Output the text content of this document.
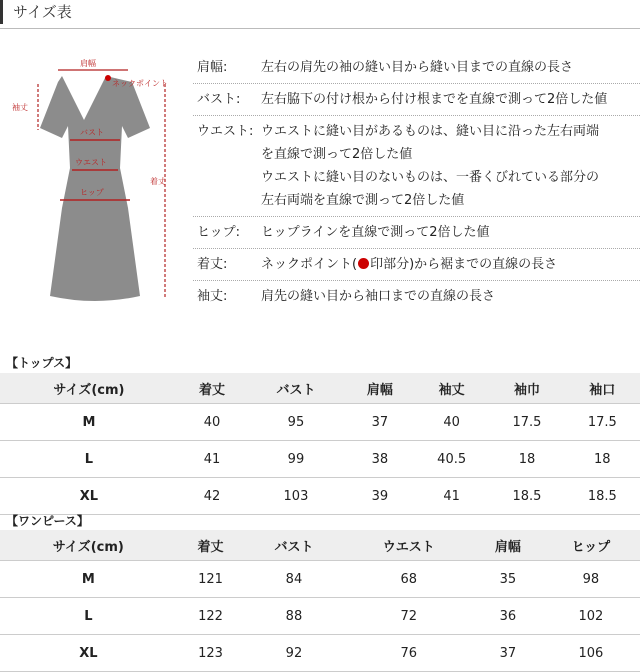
サイズ表
肩幅
袖丈
ネックポイント
着丈
バスト
ウエスト
ヒップ
肩幅:	左右の肩先の袖の縫い目から縫い目までの直線の長さ
バスト:	左右脇下の付け根から付け根までを直線で測って2倍した値
ウエスト: ウエストに縫い目があるものは、縫い目に沿った左右両端
を直線で測って2倍した値
ウエストに縫い目のないものは、一番くびれている部分の
左右両端を直線で測って2倍した値
ヒップ:	ヒップラインを直線で測って2倍した値
着丈:	ネックポイント( 印部分)から裾までの直線の長さ
袖丈:	肩先の縫い目から袖口までの直線の長さ
【トップス】
サイズ(cm)	着丈	バスト	肩幅	袖丈	袖巾	袖口
M	40	95	37	40	17.5	17.5
L	41	99	38	40.5	18	18
XL	42	103	39	41	18.5	18.5
【ワンピース】
サイズ(cm)	着丈	バスト	ウエスト	肩幅	ヒップ
M	121	84	68	35	98
L	122	88	72	36	102
XL	123	92	76	37	106
